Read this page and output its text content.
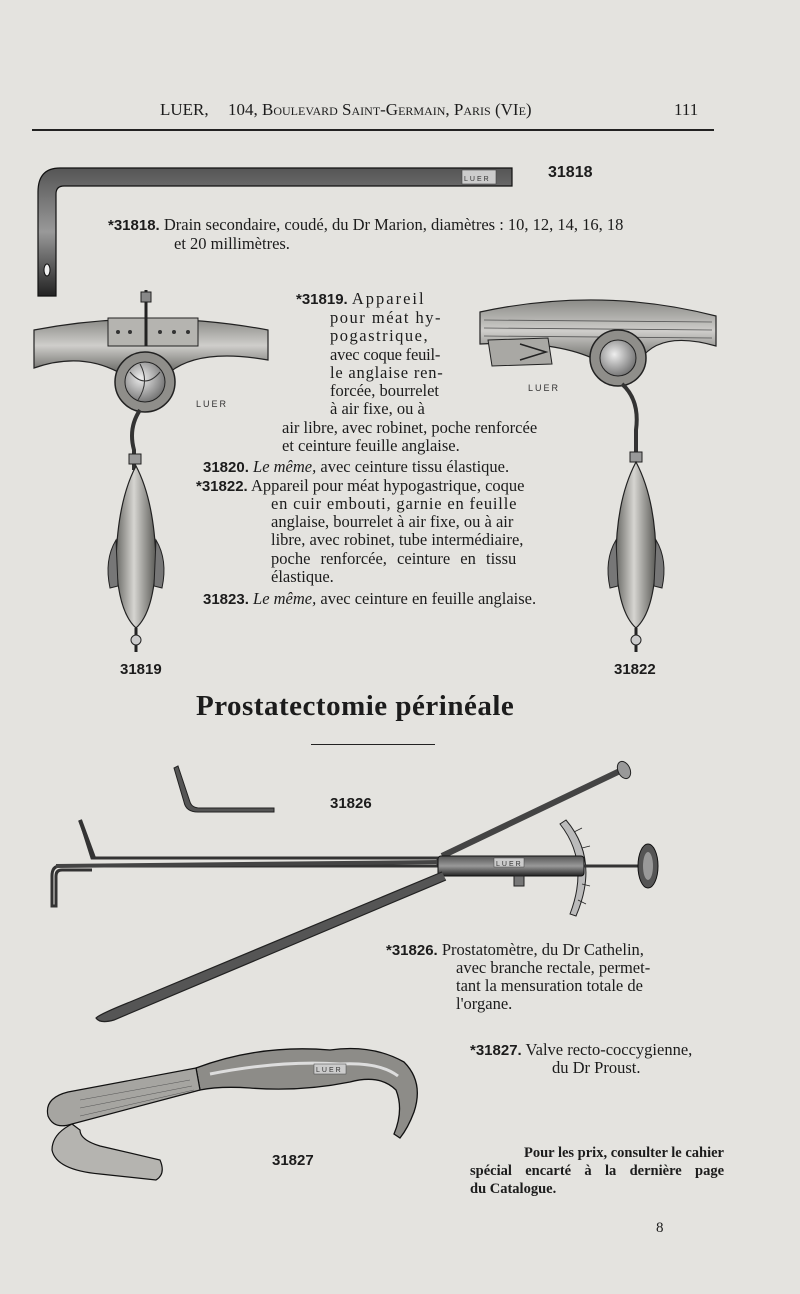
LUER, 104, Boulevard Saint-Germain, Paris (VIe)	111
LUER	31818
*31818. Drain secondaire, coudé, du Dr Marion, diamètres : 10, 12, 14, 16, 18
et 20 millimètres.
LUER
31819
LUER
31822
*31819. Appareil
pour méat hy-
pogastrique,
avec coque feuil-
le anglaise ren-
forcée, bourrelet
à air fixe, ou à
air libre, avec robinet, poche renforcée
et ceinture feuille anglaise.
31820. Le même, avec ceinture tissu élastique.
*31822. Appareil pour méat hypogastrique, coque
en cuir embouti, garnie en feuille
anglaise, bourrelet à air fixe, ou à air
libre, avec robinet, tube intermédiaire,
poche renforcée, ceinture en tissu
élastique.
31823. Le même, avec ceinture en feuille anglaise.
Prostatectomie périnéale
LUER
31826
*31826. Prostatomètre, du Dr Cathelin,
avec branche rectale, permet-
tant la mensuration totale de
l'organe.
*31827. Valve recto-coccygienne,
du Dr Proust.
LUER
31827	Pour les prix, consulter le cahier
spécial encarté à la dernière page
du Catalogue.
8
